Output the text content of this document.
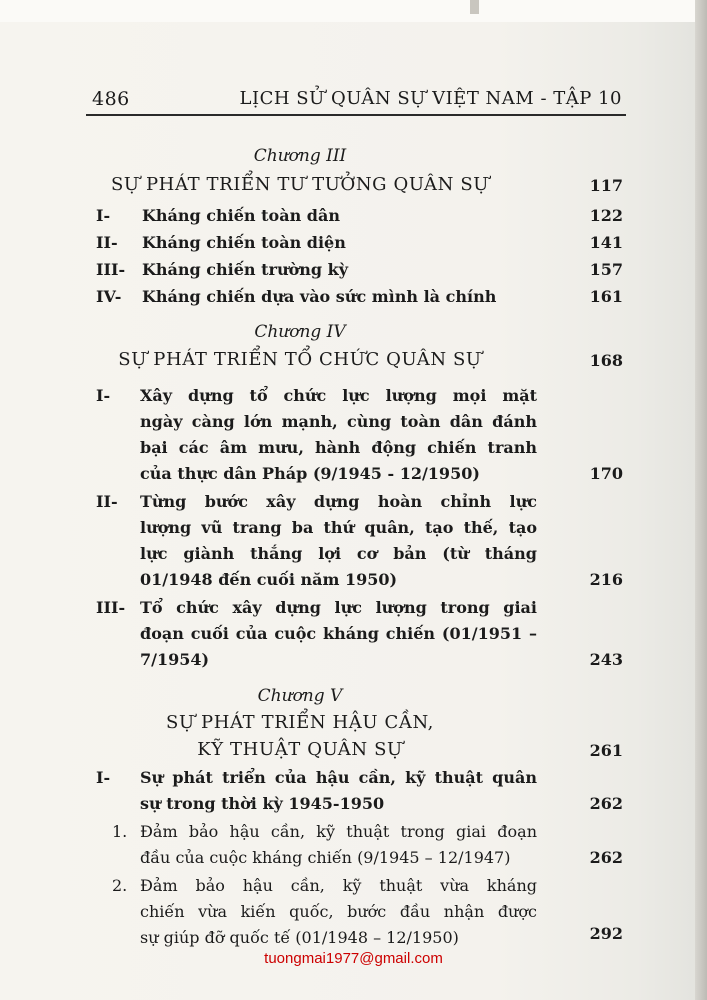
486	LỊCH SỬ QUÂN SỰ VIỆT NAM - TẬP 10
Chương III
SỰ PHÁT TRIỂN TƯ TƯỞNG QUÂN SỰ	117
I- Kháng chiến toàn dân	122
II- Kháng chiến toàn diện	141
III- Kháng chiến trường kỳ	157
IV- Kháng chiến dựa vào sức mình là chính	161
Chương IV
SỰ PHÁT TRIỂN TỔ CHỨC QUÂN SỰ	168
I- Xây dựng tổ chức lực lượng mọi mặt
ngày càng lớn mạnh, cùng toàn dân đánh
bại các âm mưu, hành động chiến tranh
của thực dân Pháp (9/1945 - 12/1950)	170
II- Từng bước xây dựng hoàn chỉnh lực
lượng vũ trang ba thứ quân, tạo thế, tạo
lực giành thắng lợi cơ bản (từ tháng
01/1948 đến cuối năm 1950)	216
III- Tổ chức xây dựng lực lượng trong giai
đoạn cuối của cuộc kháng chiến (01/1951 –
7/1954)	243
Chương V
SỰ PHÁT TRIỂN HẬU CẦN,
KỸ THUẬT QUÂN SỰ	261
I- Sự phát triển của hậu cần, kỹ thuật quân
sự trong thời kỳ 1945-1950	262
1. Đảm bảo hậu cần, kỹ thuật trong giai đoạn
đầu của cuộc kháng chiến (9/1945 – 12/1947)	262
2. Đảm bảo hậu cần, kỹ thuật vừa kháng
chiến vừa kiến quốc, bước đầu nhận được
sự giúp đỡ quốc tế (01/1948 – 12/1950)	292
tuongmai1977@gmail.com
